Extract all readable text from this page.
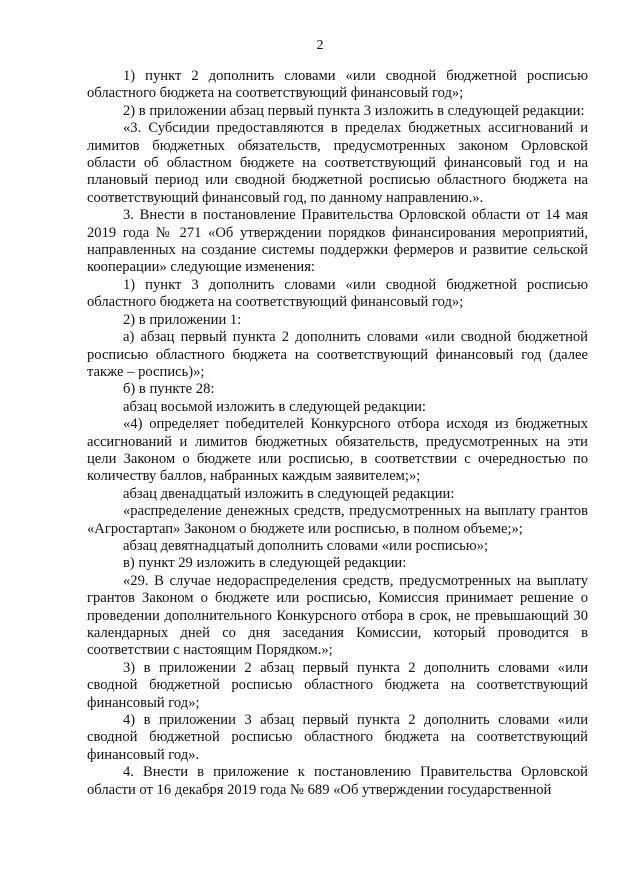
2

1) пункт 2 дополнить словами «или сводной бюджетной росписью областного бюджета на соответствующий финансовый год»;

2) в приложении абзац первый пункта 3 изложить в следующей редакции:

«3. Субсидии предоставляются в пределах бюджетных ассигнований и лимитов бюджетных обязательств, предусмотренных законом Орловской области об областном бюджете на соответствующий финансовый год и на плановый период или сводной бюджетной росписью областного бюджета на соответствующий финансовый год, по данному направлению.».

3. Внести в постановление Правительства Орловской области от 14 мая 2019 года № 271 «Об утверждении порядков финансирования мероприятий, направленных на создание системы поддержки фермеров и развитие сельской кооперации» следующие изменения:

1) пункт 3 дополнить словами «или сводной бюджетной росписью областного бюджета на соответствующий финансовый год»;

2) в приложении 1:

а) абзац первый пункта 2 дополнить словами «или сводной бюджетной росписью областного бюджета на соответствующий финансовый год (далее также – роспись)»;

б) в пункте 28:

абзац восьмой изложить в следующей редакции:

«4) определяет победителей Конкурсного отбора исходя из бюджетных ассигнований и лимитов бюджетных обязательств, предусмотренных на эти цели Законом о бюджете или росписью, в соответствии с очередностью по количеству баллов, набранных каждым заявителем;»;

абзац двенадцатый изложить в следующей редакции:

«распределение денежных средств, предусмотренных на выплату грантов «Агростартап» Законом о бюджете или росписью, в полном объеме;»;

абзац девятнадцатый дополнить словами «или росписью»;

в) пункт 29 изложить в следующей редакции:

«29. В случае недораспределения средств, предусмотренных на выплату грантов Законом о бюджете или росписью, Комиссия принимает решение о проведении дополнительного Конкурсного отбора в срок, не превышающий 30 календарных дней со дня заседания Комиссии, который проводится в соответствии с настоящим Порядком.»;

3) в приложении 2 абзац первый пункта 2 дополнить словами «или сводной бюджетной росписью областного бюджета на соответствующий финансовый год»;

4) в приложении 3 абзац первый пункта 2 дополнить словами «или сводной бюджетной росписью областного бюджета на соответствующий финансовый год».

4. Внести в приложение к постановлению Правительства Орловской области от 16 декабря 2019 года № 689 «Об утверждении государственной
